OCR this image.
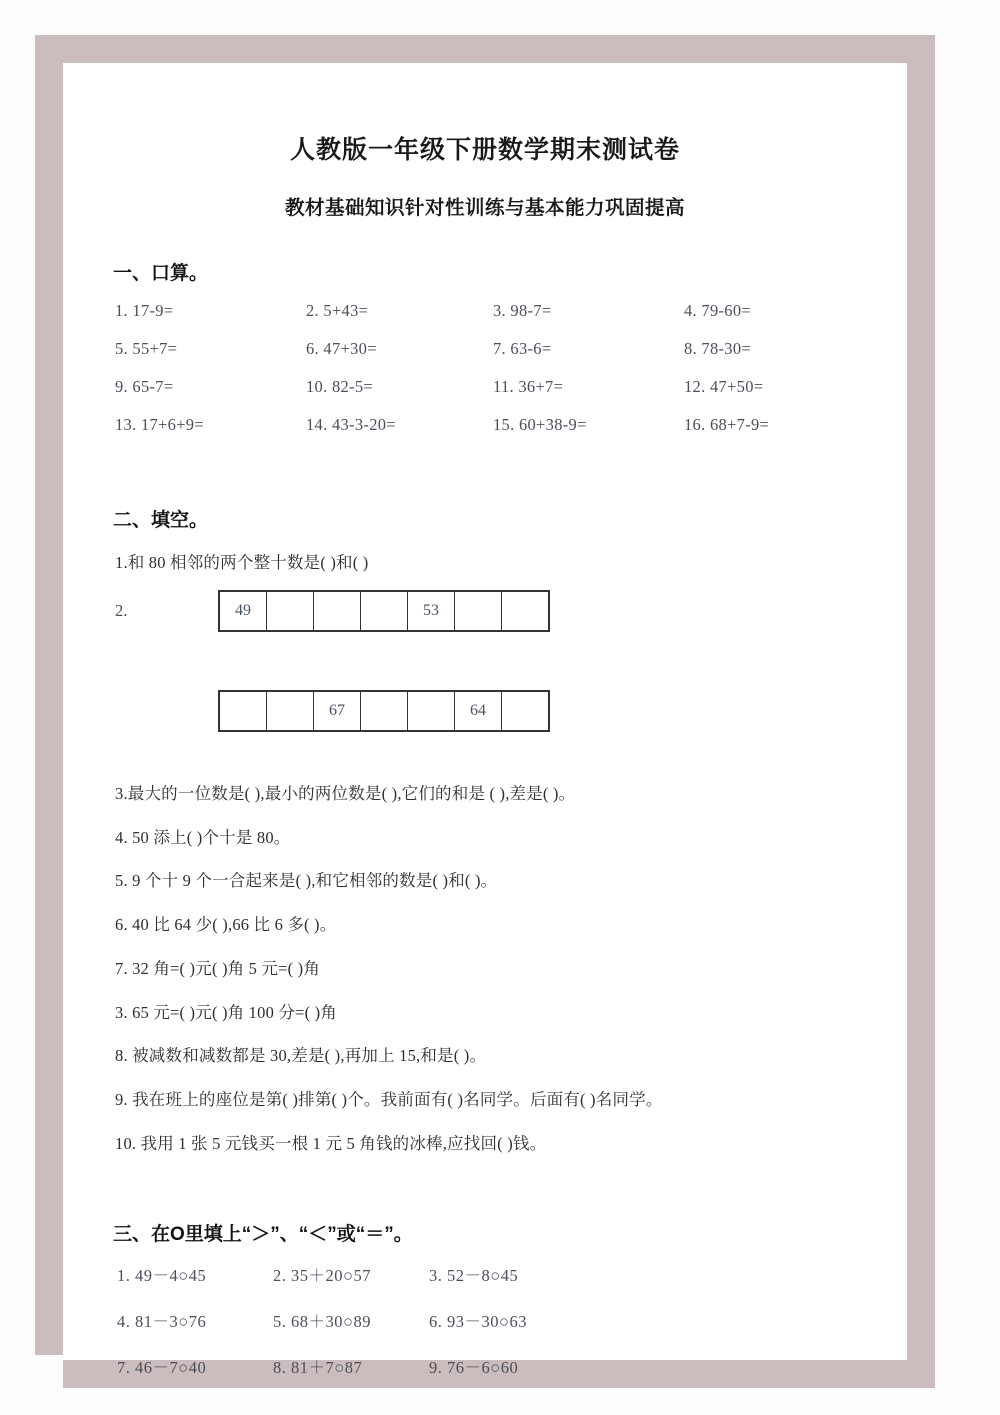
人教版一年级下册数学期末测试卷
教材基础知识针对性训练与基本能力巩固提高
一、口算。
1. 17-9=	2. 5+43=	3. 98-7=	4. 79-60=
5. 55+7=	6. 47+30=	7. 63-6=	8. 78-30=
9. 65-7=	10. 82-5=	11. 36+7=	12. 47+50=
13. 17+6+9=	14. 43-3-20=	15. 60+38-9=	16. 68+7-9=
二、填空。
1.和 80 相邻的两个整十数是( )和( )
2.	49				53		
		67			64	
3.最大的一位数是( ),最小的两位数是( ),它们的和是 ( ),差是( )。
4. 50 添上( )个十是 80。
5. 9 个十 9 个一合起来是( ),和它相邻的数是( )和( )。
6. 40 比 64 少( ),66 比 6 多( )。
7. 32 角=( )元( )角 5 元=( )角
3. 65 元=( )元( )角 100 分=( )角
8. 被减数和减数都是 30,差是( ),再加上 15,和是( )。
9. 我在班上的座位是第( )排第( )个。我前面有( )名同学。后面有( )名同学。
10. 我用 1 张 5 元钱买一根 1 元 5 角钱的冰棒,应找回( )钱。
三、在O里填上“＞”、“＜”或“＝”。
1. 49－4○45	2. 35＋20○57	3. 52－8○45
4. 81－3○76	5. 68＋30○89	6. 93－30○63
7. 46－7○40	8. 81＋7○87	9. 76－6○60
